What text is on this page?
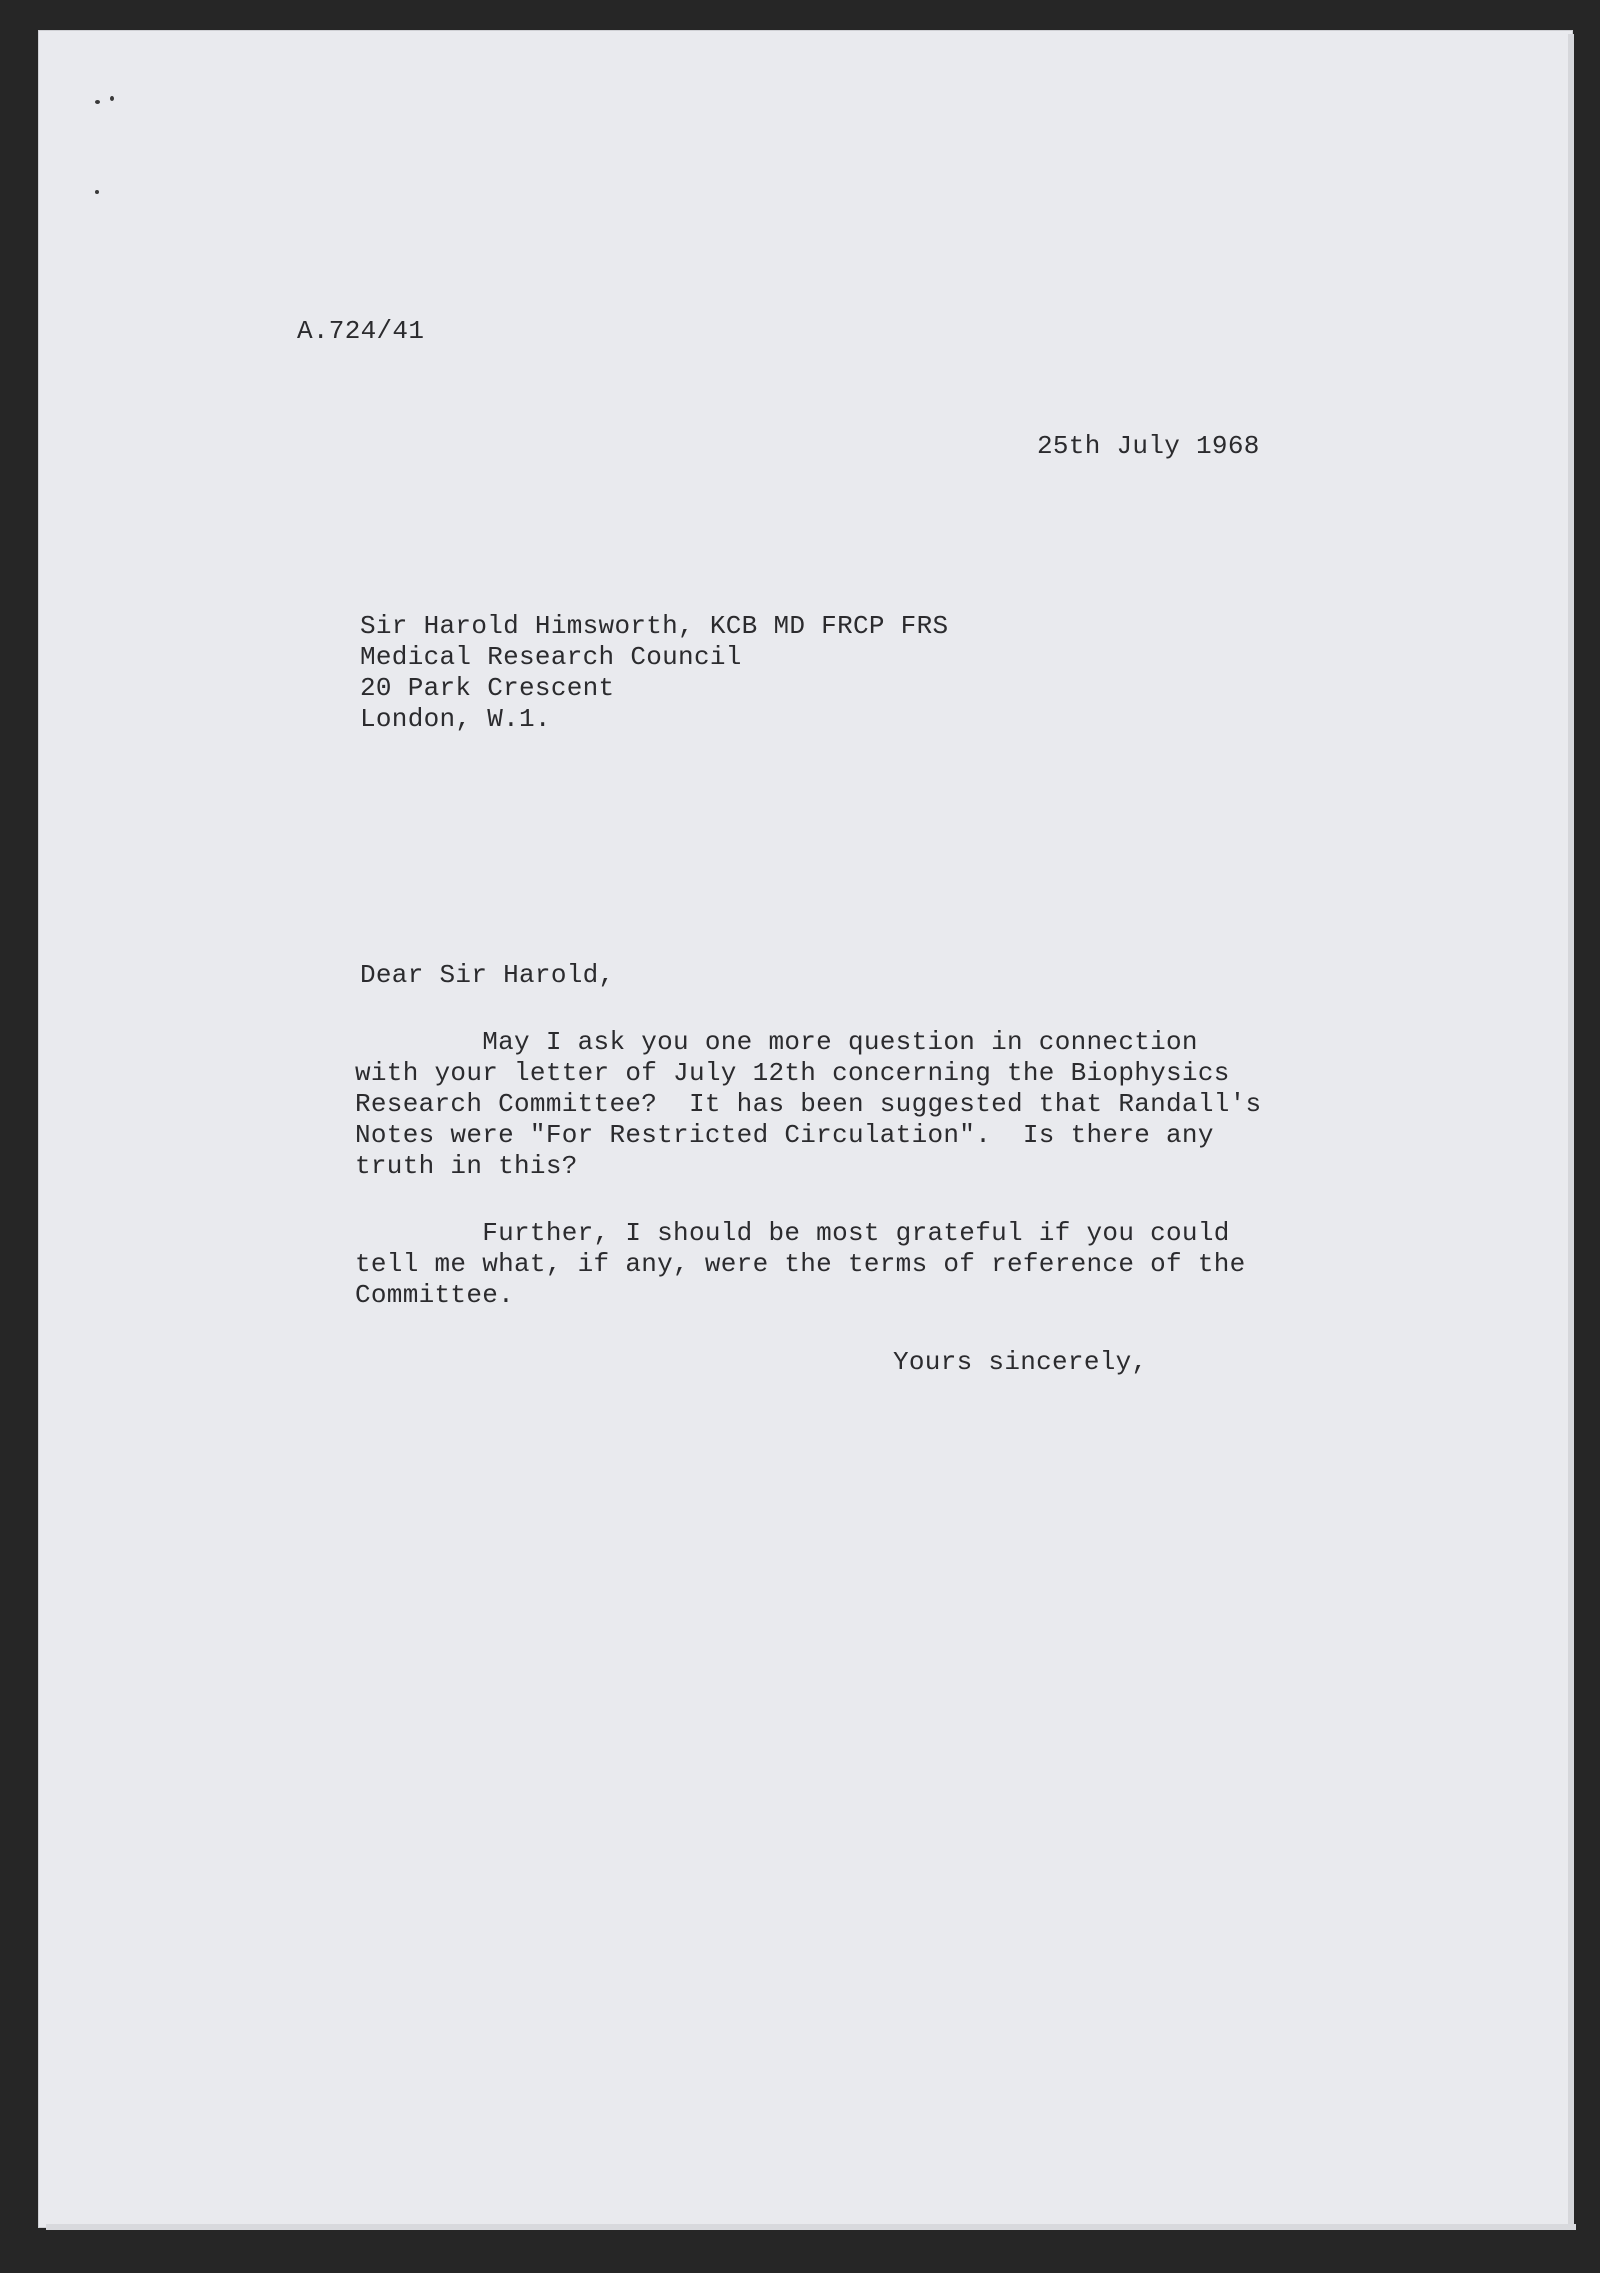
A.724/41
25th July 1968
Sir Harold Himsworth, KCB MD FRCP FRS
Medical Research Council
20 Park Crescent
London, W.1.
Dear Sir Harold,
May I ask you one more question in connection
with your letter of July 12th concerning the Biophysics
Research Committee?  It has been suggested that Randall's
Notes were "For Restricted Circulation".  Is there any
truth in this?
Further, I should be most grateful if you could
tell me what, if any, were the terms of reference of the
Committee.
Yours sincerely,
